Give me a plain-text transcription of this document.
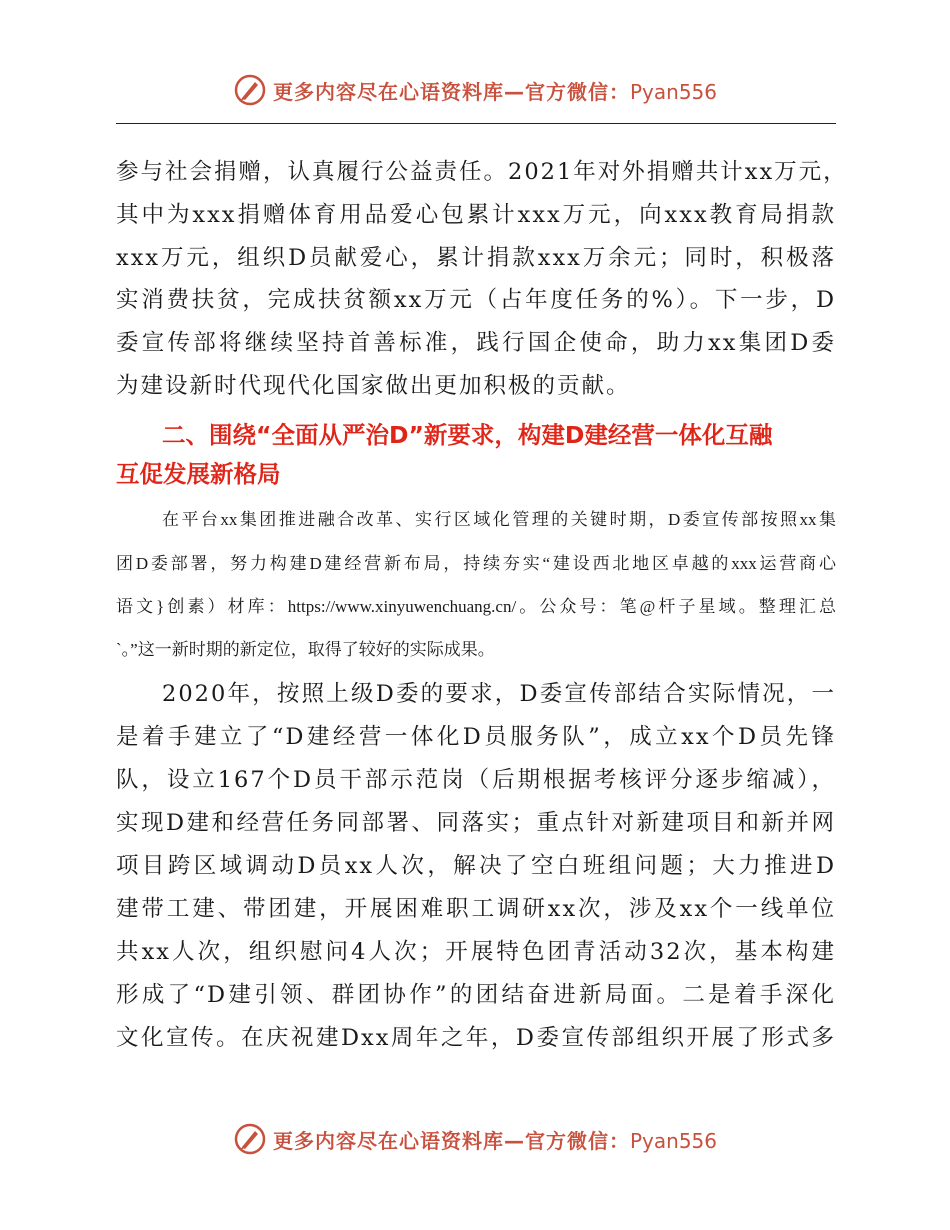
更多内容尽在心语资料库—官方微信：Pyan556
参与社会捐赠，认真履行公益责任。2021年对外捐赠共计xx万元，
其中为xxx捐赠体育用品爱心包累计xxx万元，向xxx教育局捐款
xxx万元，组织D员献爱心，累计捐款xxx万余元；同时，积极落
实消费扶贫，完成扶贫额xx万元（占年度任务的%）。下一步，D
委宣传部将继续坚持首善标准，践行国企使命，助力xx集团D委
为建设新时代现代化国家做出更加积极的贡献。
二、围绕“全面从严治D”新要求，构建D建经营一体化互融
互促发展新格局
在平台xx集团推进融合改革、实行区域化管理的关键时期，D委宣传部按照xx集
团D委部署，努力构建D建经营新布局，持续夯实“建设西北地区卓越的xxx运营商心
语文}创素）材库：https://www.xinyuwenchuang.cn/。公众号：笔@杆子星域。整理汇总
`。”这一新时期的新定位，取得了较好的实际成果。
2020年，按照上级D委的要求，D委宣传部结合实际情况，一
是着手建立了“D建经营一体化D员服务队”，成立xx个D员先锋
队，设立167个D员干部示范岗（后期根据考核评分逐步缩减），
实现D建和经营任务同部署、同落实；重点针对新建项目和新并网
项目跨区域调动D员xx人次，解决了空白班组问题；大力推进D
建带工建、带团建，开展困难职工调研xx次，涉及xx个一线单位
共xx人次，组织慰问4人次；开展特色团青活动32次，基本构建
形成了“D建引领、群团协作”的团结奋进新局面。二是着手深化
文化宣传。在庆祝建Dxx周年之年，D委宣传部组织开展了形式多
更多内容尽在心语资料库—官方微信：Pyan556
